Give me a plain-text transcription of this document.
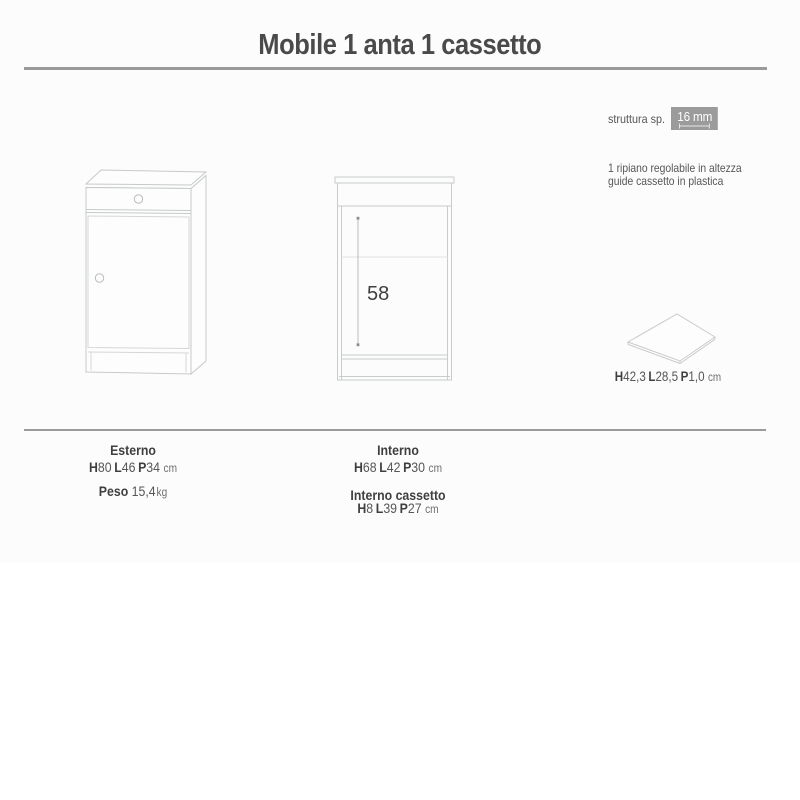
Mobile 1 anta 1 cassetto
struttura sp. 16 mm
1 ripiano regolabile in altezza
guide cassetto in plastica
58
H42,3 L28,5 P1,0 cm
Esterno
H80 L46 P34 cm
Peso 15,4kg
Interno
H68 L42 P30 cm
Interno cassetto
H8 L39 P27 cm
